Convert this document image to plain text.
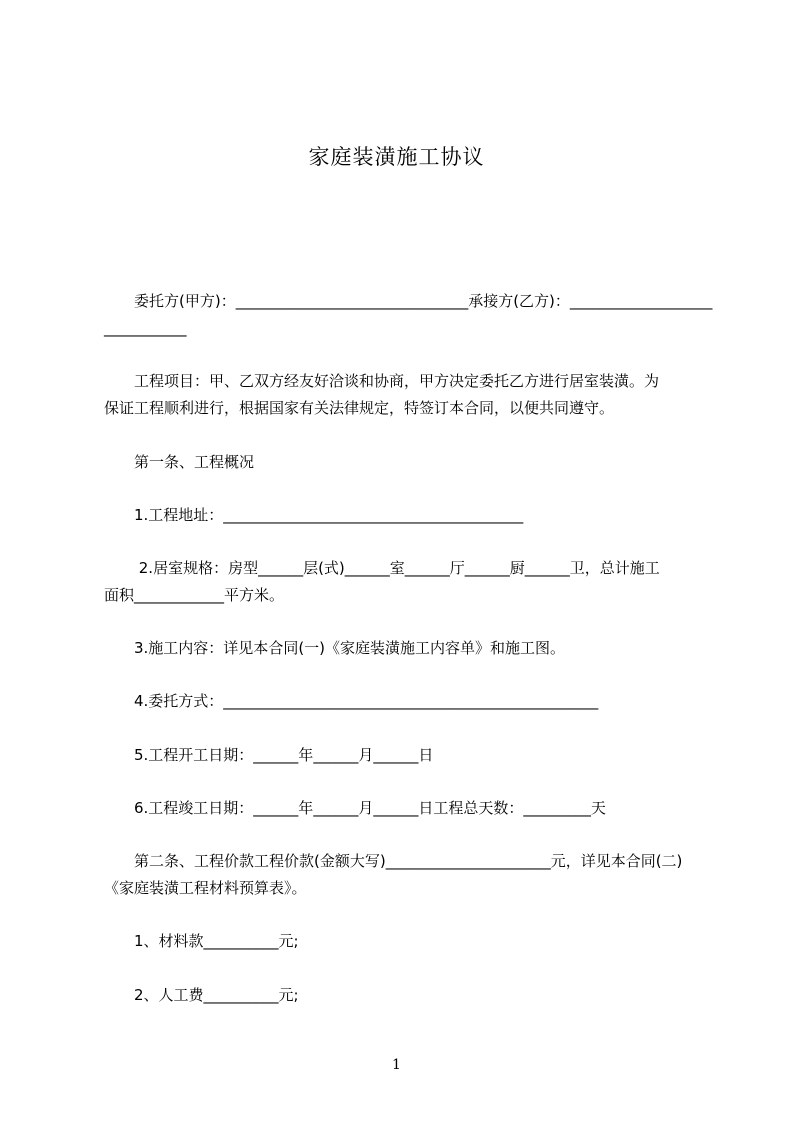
家庭装潢施工协议
　　委托方(甲方)：_______________________________承接方(乙方)：___________________
___________
　　工程项目：甲、乙双方经友好洽谈和协商，甲方决定委托乙方进行居室装潢。为
保证工程顺利进行，根据国家有关法律规定，特签订本合同，以便共同遵守。
　　第一条、工程概况
　　1.工程地址：________________________________________
　　 2.居室规格：房型______层(式)______室______厅______厨______卫，总计施工
面积____________平方米。
　　3.施工内容：详见本合同(一)《家庭装潢施工内容单》和施工图。
　　4.委托方式：__________________________________________________
　　5.工程开工日期：______年______月______日
　　6.工程竣工日期：______年______月______日工程总天数：_________天
　　第二条、工程价款工程价款(金额大写)______________________元，详见本合同(二)
《家庭装潢工程材料预算表》。
　　1、材料款__________元;
　　2、人工费__________元;
1
